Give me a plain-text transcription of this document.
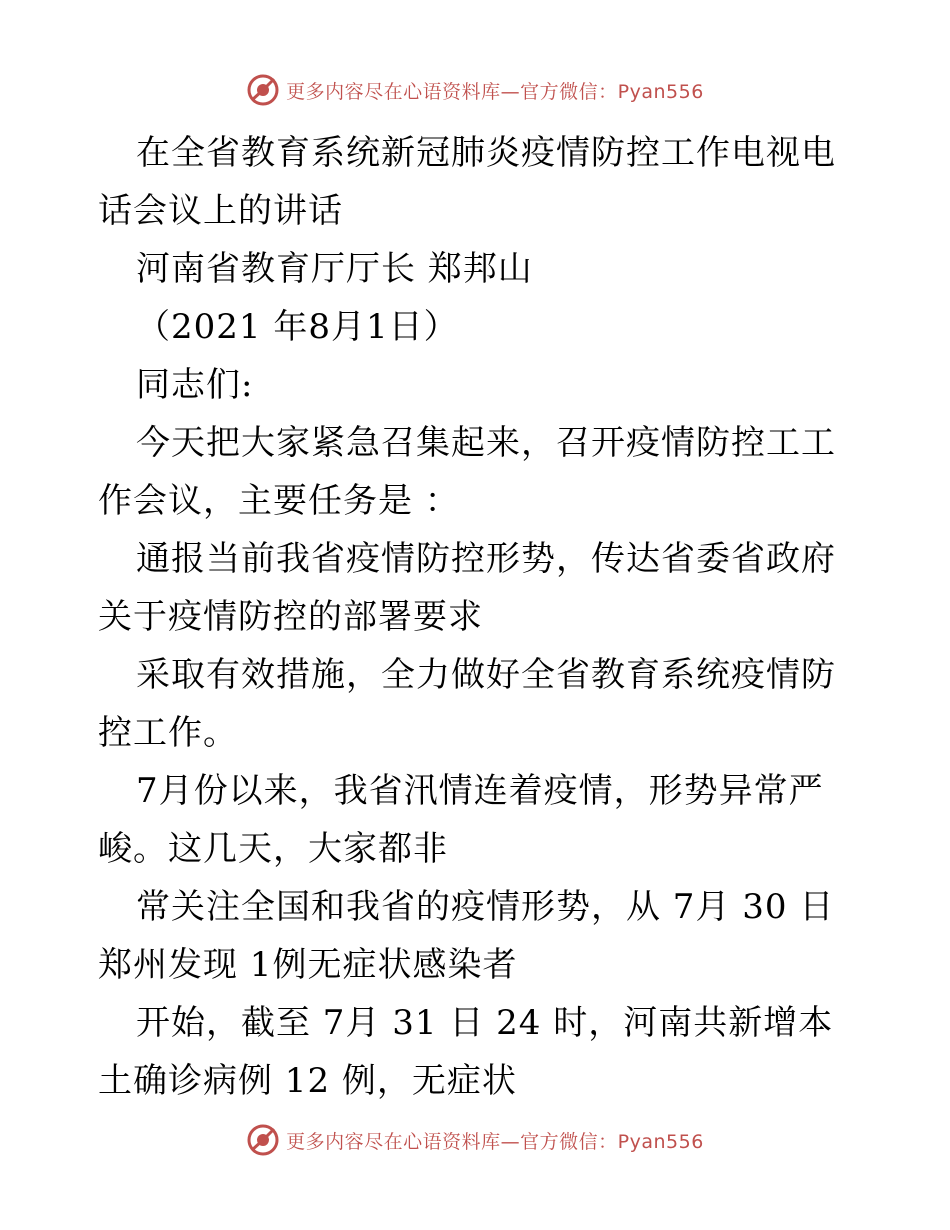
更多内容尽在心语资料库—官方微信：Pyan556

在全省教育系统新冠肺炎疫情防控工作电视电话会议上的讲话

河南省教育厅厅长 郑邦山

（2021 年8月1日）

同志们:

今天把大家紧急召集起来，召开疫情防控工工作会议，主要任务是 ：

通报当前我省疫情防控形势，传达省委省政府关于疫情防控的部署要求

采取有效措施，全力做好全省教育系统疫情防控工作。

7月份以来，我省汛情连着疫情，形势异常严峻。这几天，大家都非

常关注全国和我省的疫情形势，从 7月 30 日郑州发现 1例无症状感染者

开始，截至 7月 31 日 24 时，河南共新增本土确诊病例 12 例，无症状

更多内容尽在心语资料库—官方微信：Pyan556
